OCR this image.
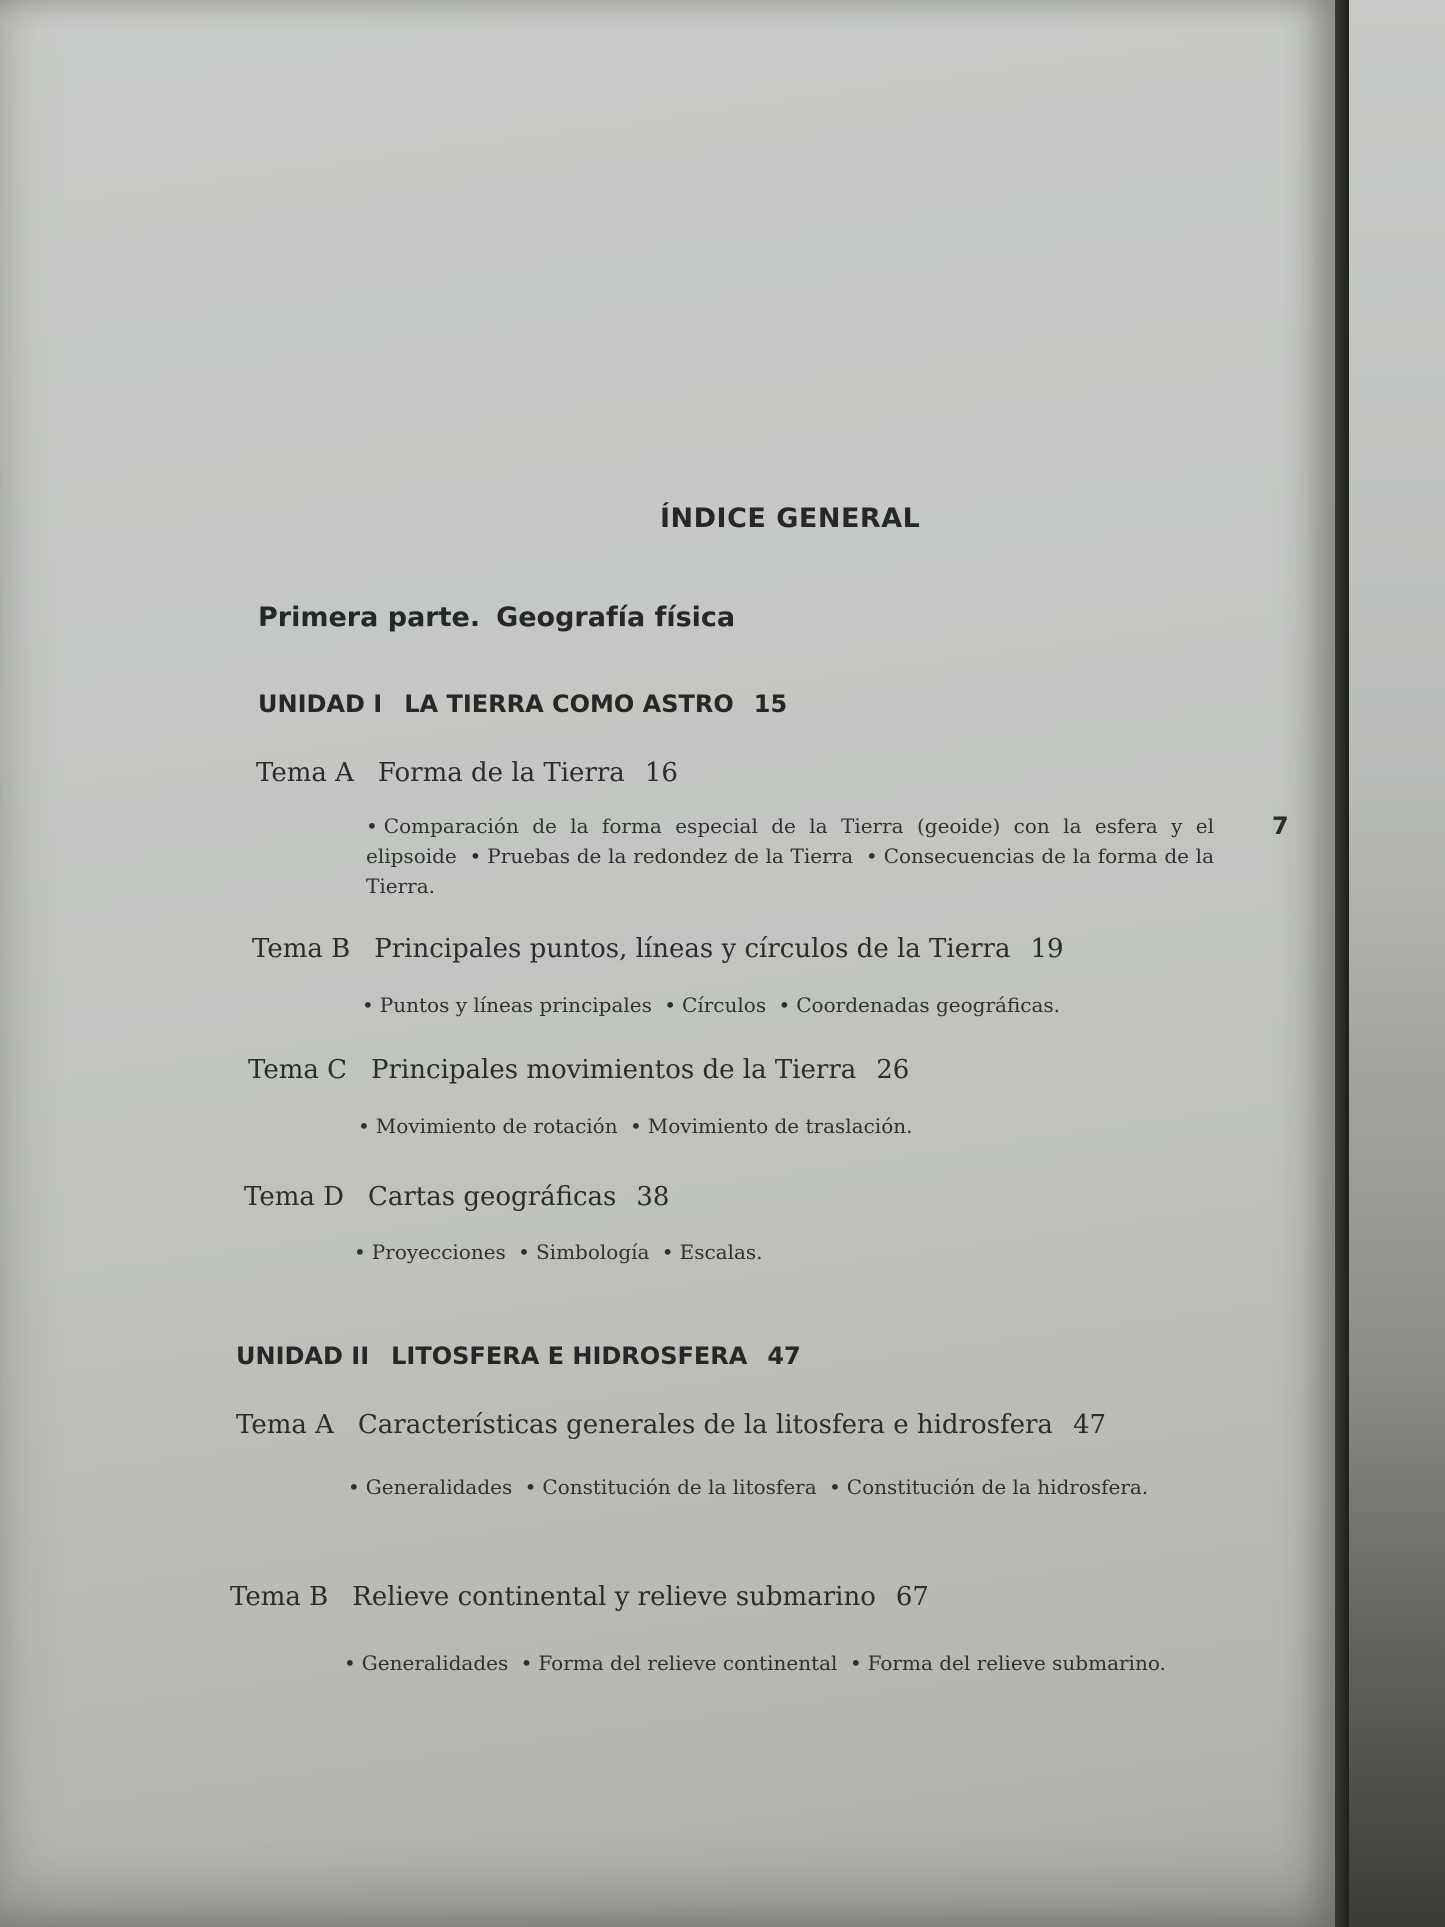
ÍNDICE GENERAL
Primera parte. Geografía física
UNIDAD I LA TIERRA COMO ASTRO 15
Tema A Forma de la Tierra 16
• Comparación de la forma especial de la Tierra (geoide) con la esfera y el elipsoide • Pruebas de la redondez de la Tierra • Consecuencias de la forma de la Tierra.
Tema B Principales puntos, líneas y círculos de la Tierra 19
• Puntos y líneas principales • Círculos • Coordenadas geográficas.
Tema C Principales movimientos de la Tierra 26
• Movimiento de rotación • Movimiento de traslación.
Tema D Cartas geográficas 38
• Proyecciones • Simbología • Escalas.
UNIDAD II LITOSFERA E HIDROSFERA 47
Tema A Características generales de la litosfera e hidrosfera 47
• Generalidades • Constitución de la litosfera • Constitución de la hidrosfera.
Tema B Relieve continental y relieve submarino 67
• Generalidades • Forma del relieve continental • Forma del relieve submarino.
7
